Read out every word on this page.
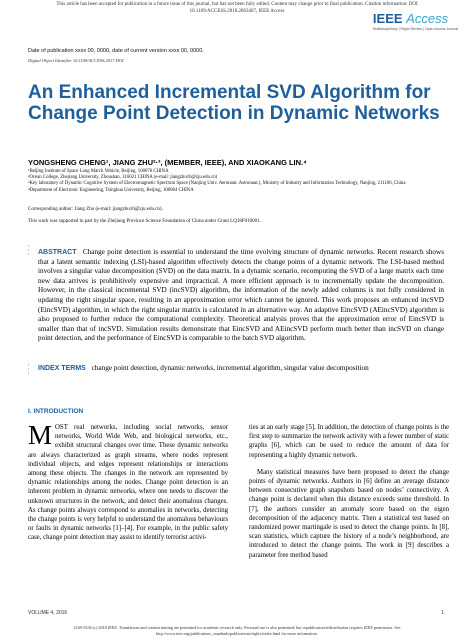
This article has been accepted for publication in a future issue of this journal, but has not been fully edited. Content may change prior to final publication. Citation information: DOI
10.1109/ACCESS.2018.2863467, IEEE Access	IEEE Access
Multidisciplinary | Rapid Review | Open Access Journal
Date of publication xxxx 00, 0000, date of current version xxxx 00, 0000.
Digital Object Identifier 10.1109/ACCESS.2017.DOI
An Enhanced Incremental SVD Algorithm for Change Point Detection in Dynamic Networks
YONGSHENG CHENG¹, JIANG ZHU²·³, (MEMBER, IEEE), AND XIAOKANG LIN.⁴
¹Beijing Institute of Space Long March Vehicle, Beijing, 100076 CHINA
²Ocean College, Zhejiang University, Zhoushan, 316021 CHINA (e-mail: jiangzhu16@zju.edu.cn)
³Key laboratory of Dynamic Cognitive System of Electromagnetic Spectrum Space (Nanjing Univ. Aeronaut. Astronaut.), Ministry of Industry and Information Technology, Nanjing, 211106, China
⁴Department of Electronic Engineering, Tsinghua University, Beijing, 100084 CHINA
Corresponding author: Jiang Zhu (e-mail: jiangzhu16@zju.edu.cn).
This work was supported in part by the Zhejiang Province Science Foundation of China under Grant LQ18F010001.
▪
▪
▪ ABSTRACT Change point detection is essential to understand the time evolving structure of dynamic networks. Recent research shows that a latent semantic indexing (LSI)-based algorithm effectively detects the change points of a dynamic network. The LSI-based method involves a singular value decomposition (SVD) on the data matrix. In a dynamic scenario, recomputing the SVD of a large matrix each time new data arrives is prohibitively expensive and impractical. A more efficient approach is to incrementally update the decomposition. However, in the classical incremental SVD (incSVD) algorithm, the information of the newly added columns is not fully considered in updating the right singular space, resulting in an approximation error which cannot be ignored. This work proposes an enhanced incSVD (EincSVD) algorithm, in which the right singular matrix is calculated in an alternative way. An adaptive EincSVD (AEincSVD) algorithm is also proposed to further reduce the computational complexity. Theoretical analysis proves that the approximation error of EincSVD is smaller than that of incSVD. Simulation results demonstrate that EincSVD and AEincSVD perform much better than incSVD on change point detection, and the performance of EincSVD is comparable to the batch SVD algorithm.
▪
▪
▪
INDEX TERMS change point detection, dynamic networks, incremental algorithm, singular value decomposition
I. INTRODUCTION

MOST real networks, including social networks, sensor networks, World Wide Web, and biological networks, etc., exhibit structural changes over time. These dynamic networks are always characterized as graph streams, where nodes represent individual objects, and edges represent relationships or interactions among these objects. The changes in the network are represented by dynamic relationships among the nodes. Change point detection is an inherent problem in dynamic networks, where one needs to discover the unknown structures in the network, and detect their anomalous changes. As change points always correspond to anomalies in networks, detecting the change points is very helpful to understand the anomalous behaviours or faults in dynamic networks [1]–[4]. For example, in the public safety case, change point detection may assist to identify terrorist activi-

ties at an early stage [5]. In addition, the detection of change points is the first step to summarize the network activity with a fewer number of static graphs [6], which can be used to reduce the amount of data for representing a highly dynamic network.

Many statistical measures have been proposed to detect the change points of dynamic networks. Authors in [6] define an average distance between consecutive graph snapshots based on nodes’ connectivity. A change point is declared when this distance exceeds some threshold. In [7], the authors consider an anomaly score based on the eigen decomposition of the adjacency matrix. Then a statistical test based on randomized power martingale is used to detect the change points. In [8], scan statistics, which capture the history of a node’s neighborhood, are introduced to detect the change points. The work in [9] describes a parameter free method based

VOLUME 4, 2016	1
2169-3536 (c) 2018 IEEE. Translations and content mining are permitted for academic research only. Personal use is also permitted, but republication/redistribution requires IEEE permission. See
http://www.ieee.org/publications_standards/publications/rights/index.html for more information.
